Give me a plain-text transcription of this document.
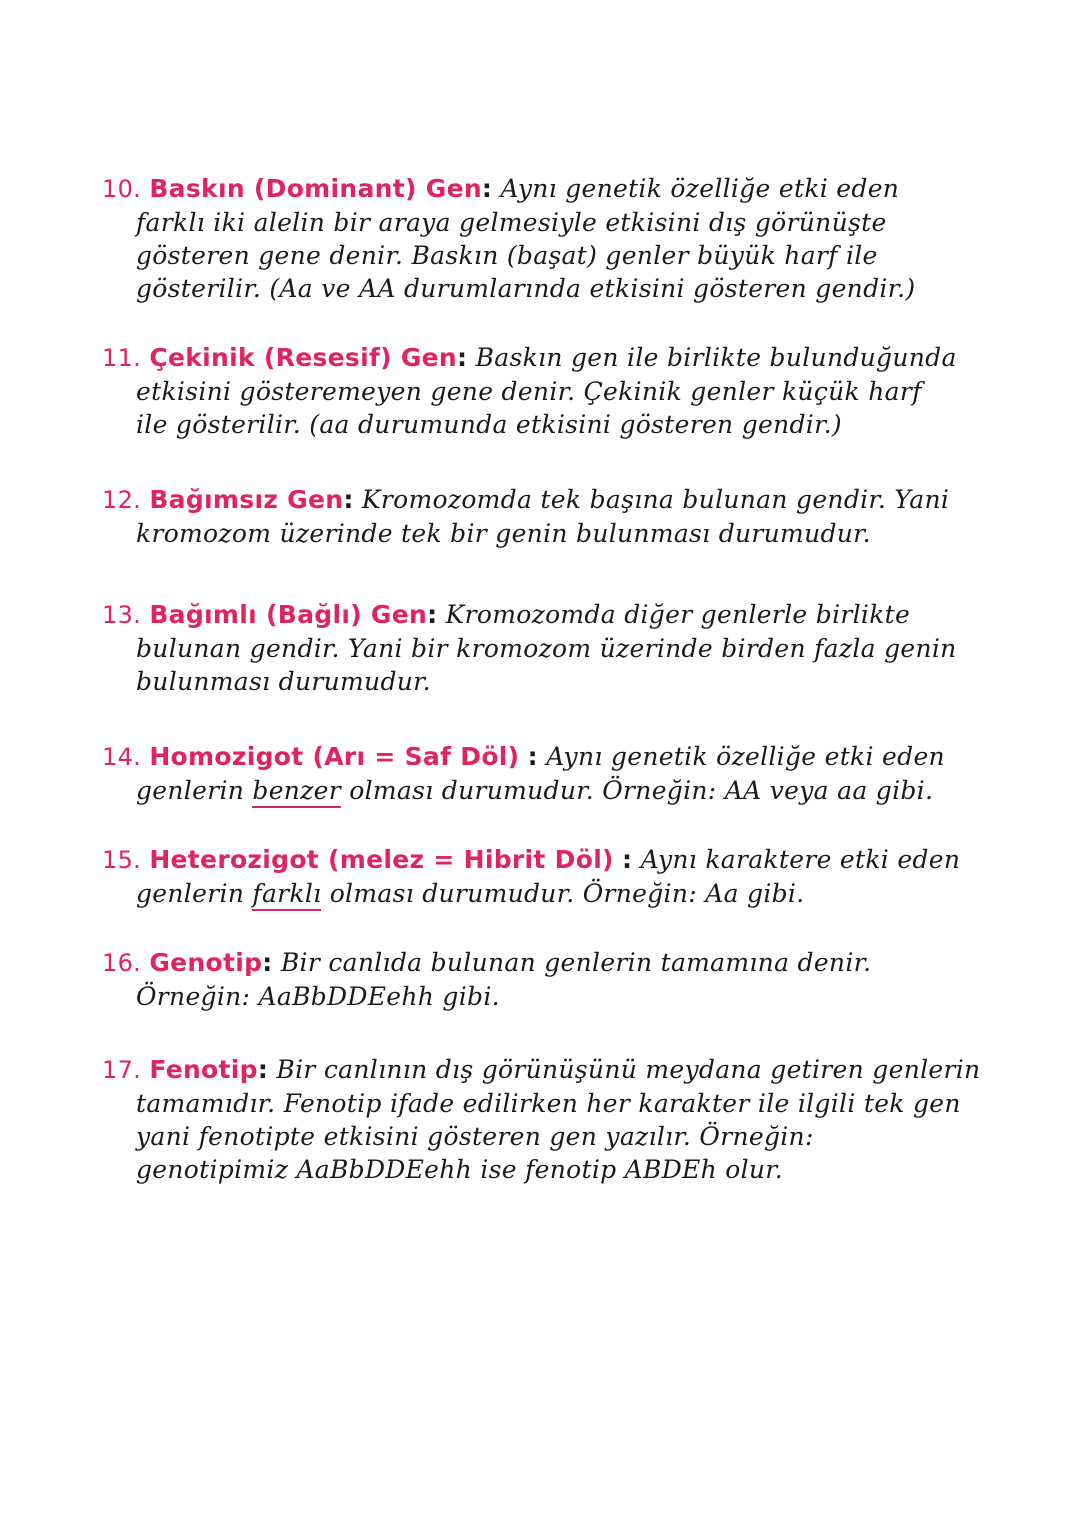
10. Baskın (Dominant) Gen: Aynı genetik özelliğe etki eden
farklı iki alelin bir araya gelmesiyle etkisini dış görünüşte
gösteren gene denir. Baskın (başat) genler büyük harf ile
gösterilir. (Aa ve AA durumlarında etkisini gösteren gendir.)
11. Çekinik (Resesif) Gen: Baskın gen ile birlikte bulunduğunda
etkisini gösteremeyen gene denir. Çekinik genler küçük harf
ile gösterilir. (aa durumunda etkisini gösteren gendir.)
12. Bağımsız Gen: Kromozomda tek başına bulunan gendir. Yani
kromozom üzerinde tek bir genin bulunması durumudur.
13. Bağımlı (Bağlı) Gen: Kromozomda diğer genlerle birlikte
bulunan gendir. Yani bir kromozom üzerinde birden fazla genin
bulunması durumudur.
14. Homozigot (Arı = Saf Döl) : Aynı genetik özelliğe etki eden
genlerin benzer olması durumudur. Örneğin: AA veya aa gibi.
15. Heterozigot (melez = Hibrit Döl) : Aynı karaktere etki eden
genlerin farklı olması durumudur. Örneğin: Aa gibi.
16. Genotip: Bir canlıda bulunan genlerin tamamına denir.
Örneğin: AaBbDDEehh gibi.
17. Fenotip: Bir canlının dış görünüşünü meydana getiren genlerin
tamamıdır. Fenotip ifade edilirken her karakter ile ilgili tek gen
yani fenotipte etkisini gösteren gen yazılır. Örneğin:
genotipimiz AaBbDDEehh ise fenotip ABDEh olur.
